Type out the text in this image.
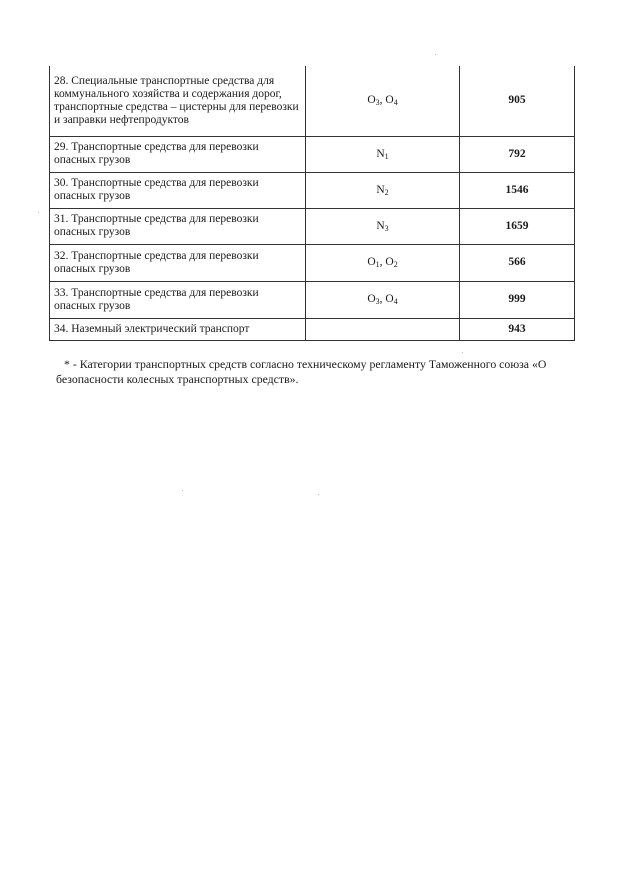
28. Специальные транспортные средства для коммунального хозяйства и содержания дорог, транспортные средства – цистерны для перевозки и заправки нефтепродуктов	$O_3$, $O_4$	905
29. Транспортные средства для перевозки опасных грузов	$N_1$	792
30. Транспортные средства для перевозки опасных грузов	$N_2$	1546
31. Транспортные средства для перевозки опасных грузов	$N_3$	1659
32. Транспортные средства для перевозки опасных грузов	$O_1$, $O_2$	566
33. Транспортные средства для перевозки опасных грузов	$O_3$, $O_4$	999
34. Наземный электрический транспорт		943
* - Категории транспортных средств согласно техническому регламенту Таможенного союза «О безопасности колесных транспортных средств».
